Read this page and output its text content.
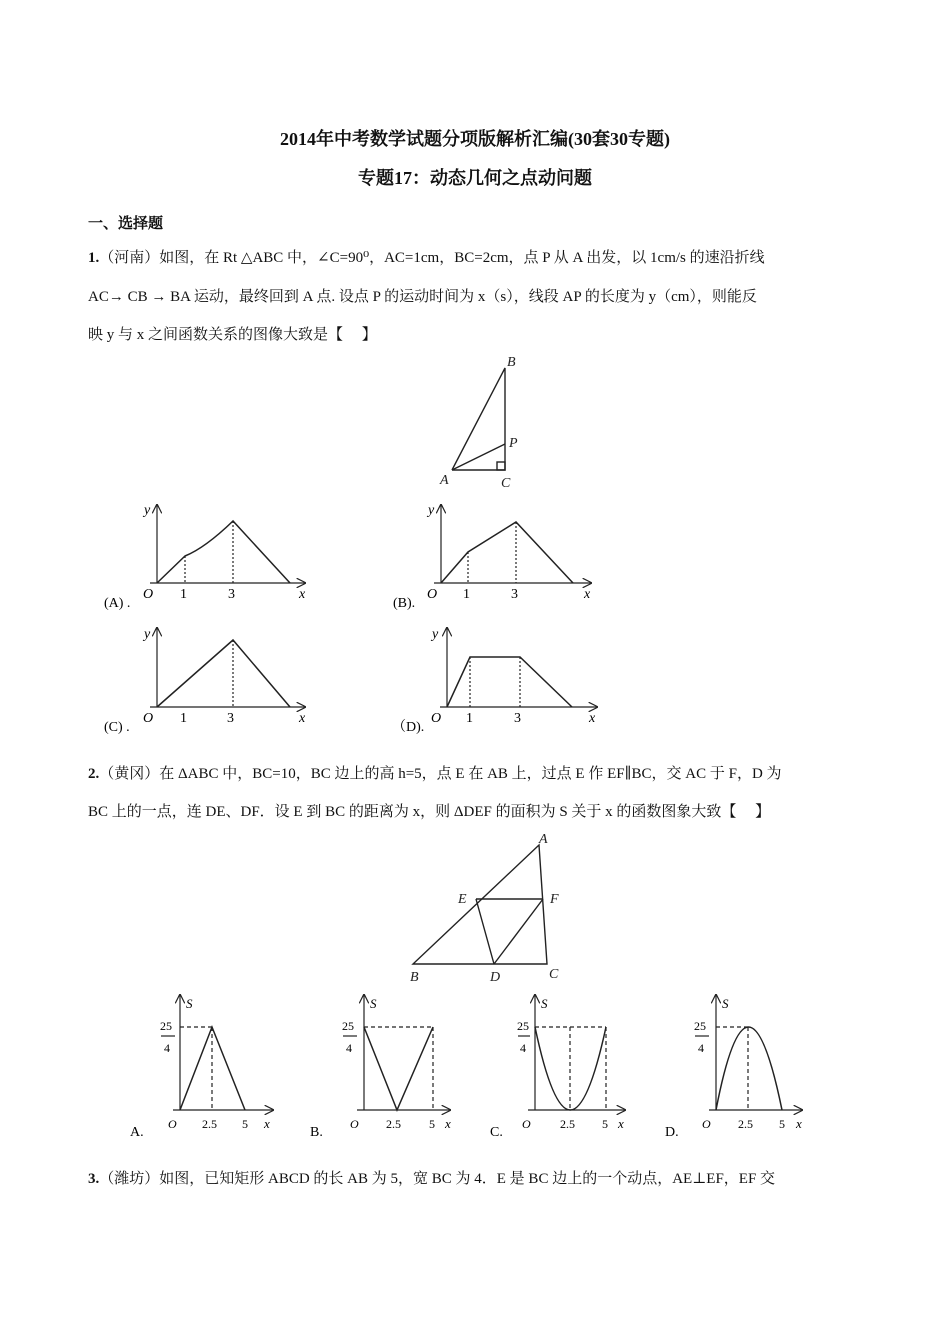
2014年中考数学试题分项版解析汇编(30套30专题)
专题17：动态几何之点动问题
一、选择题
1.（河南）如图，在 Rt △ABC 中，∠C=90⁰，AC=1cm，BC=2cm，点 P 从 A 出发，以 1cm/s 的速沿折线
AC→ CB → BA 运动，最终回到 A 点. 设点 P 的运动时间为 x（s），线段 AP 的长度为 y（cm），则能反
映 y 与 x 之间函数关系的图像大致是【　 】
2.（黄冈）在 ΔABC 中，BC=10，BC 边上的高 h=5，点 E 在 AB 上，过点 E 作 EF∥BC，交 AC 于 F，D 为
BC 上的一点，连 DE、DF．设 E 到 BC 的距离为 x，则 ΔDEF 的面积为 S 关于 x 的函数图象大致【　 】
3.（潍坊）如图，已知矩形 ABCD 的长 AB 为 5，宽 BC 为 4．E 是 BC 边上的一个动点，AE⊥EF，EF 交
B
P
A	C
y
x
O 1	3
(A) .
y
x
O 1	3
(B).
y
x
O 1	3
(C) .
y
x
O 1	3
（D).
A
E	F
B	D	C
S
25
4
O 2.5 5 x
A.
S
25
4
O 2.5 5 x
B.
S
25
4
O 2.5 5 x
C.
S
25
4
O 2.5 5 x
D.
